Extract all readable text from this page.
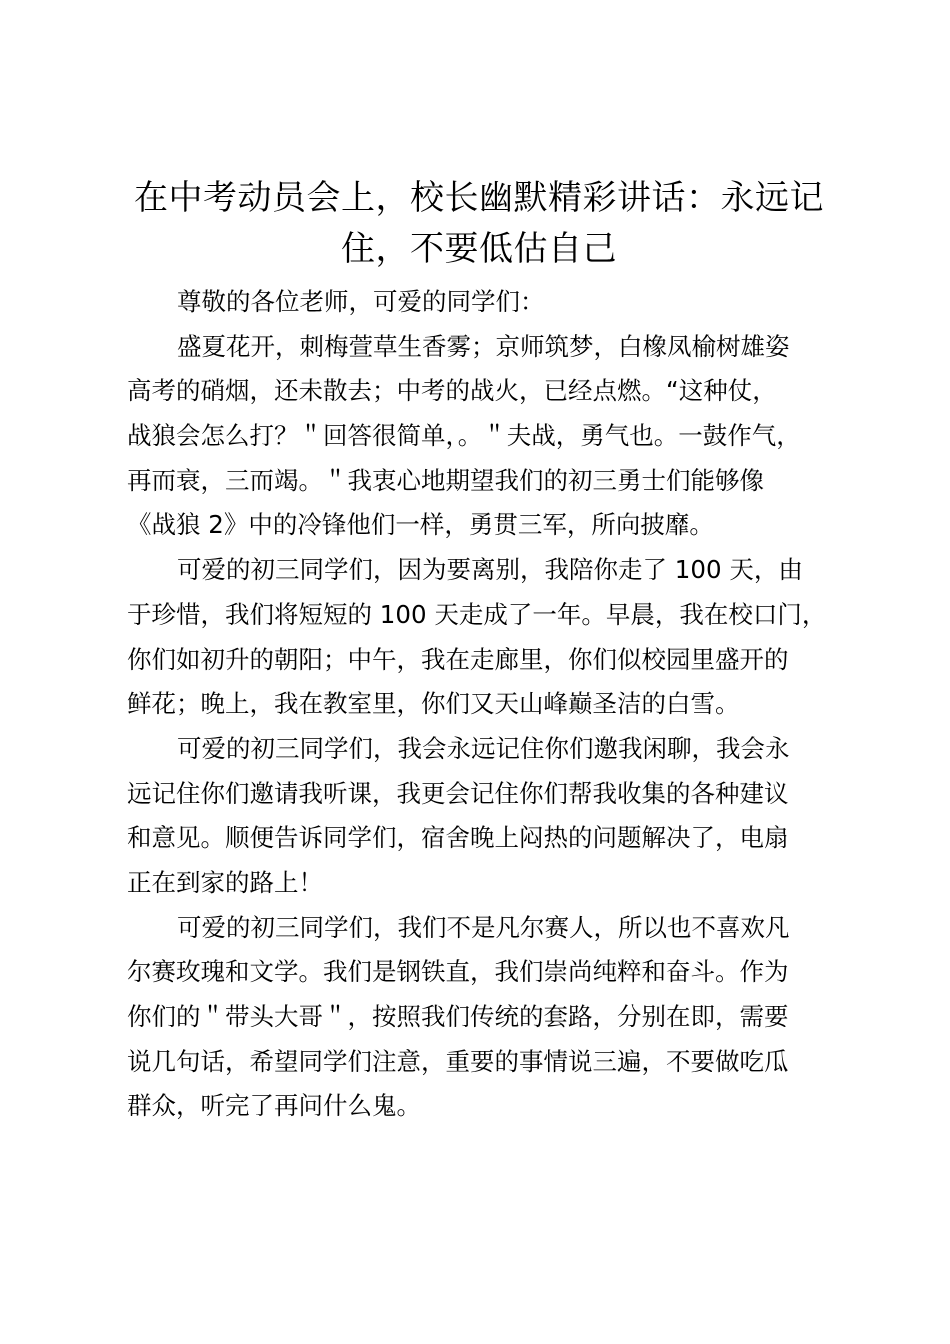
在中考动员会上，校长幽默精彩讲话：永远记住，不要低估自己
尊敬的各位老师，可爱的同学们：
盛夏花开，刺梅萱草生香雾；京师筑梦，白橡凤榆树雄姿
高考的硝烟，还未散去；中考的战火，已经点燃。“这种仗，
战狼会怎么打？＂回答很简单，。＂夫战，勇气也。一鼓作气，
再而衰，三而竭。＂我衷心地期望我们的初三勇士们能够像
《战狼 2》中的冷锋他们一样，勇贯三军，所向披靡。
可爱的初三同学们，因为要离别，我陪你走了 100 天，由
于珍惜，我们将短短的 100 天走成了一年。早晨，我在校口门，
你们如初升的朝阳；中午，我在走廊里，你们似校园里盛开的
鲜花；晚上，我在教室里，你们又天山峰巅圣洁的白雪。
可爱的初三同学们，我会永远记住你们邀我闲聊，我会永
远记住你们邀请我听课，我更会记住你们帮我收集的各种建议
和意见。顺便告诉同学们，宿舍晚上闷热的问题解决了，电扇
正在到家的路上！
可爱的初三同学们，我们不是凡尔赛人，所以也不喜欢凡
尔赛玫瑰和文学。我们是钢铁直，我们崇尚纯粹和奋斗。作为
你们的＂带头大哥＂，按照我们传统的套路，分别在即，需要
说几句话，希望同学们注意，重要的事情说三遍，不要做吃瓜
群众，听完了再问什么鬼。
